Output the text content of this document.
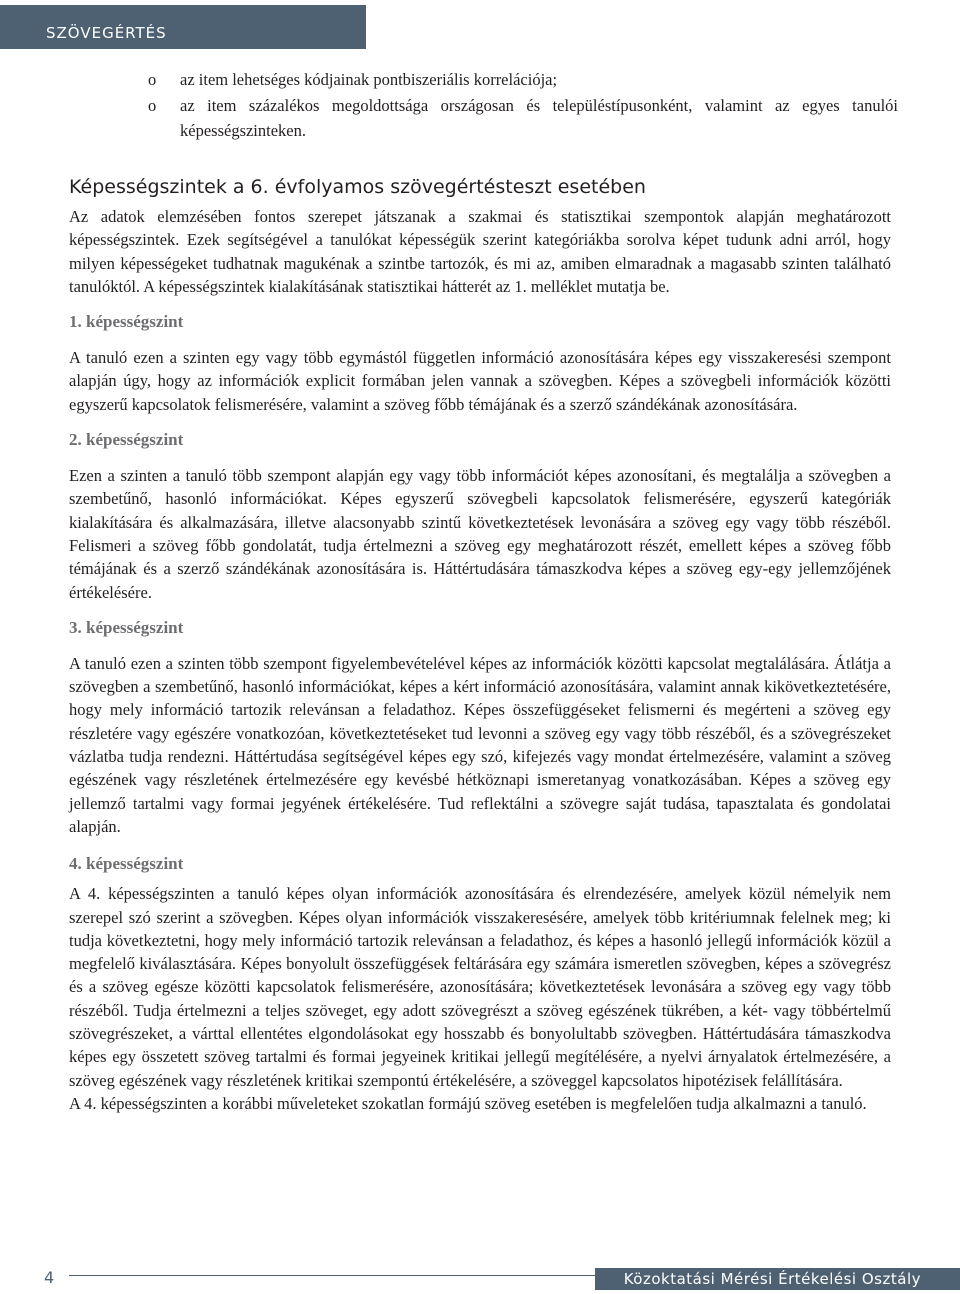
SZÖVEGÉRTÉS
o az item lehetséges kódjainak pontbiszeriális korrelációja;
o az item százalékos megoldottsága országosan és településtípusonként, valamint az egyes tanulói képességszinteken.
Képességszintek a 6. évfolyamos szövegértésteszt esetében

Az adatok elemzésében fontos szerepet játszanak a szakmai és statisztikai szempontok alapján meghatározott képességszintek. Ezek segítségével a tanulókat képességük szerint kategóriákba sorolva képet tudunk adni arról, hogy milyen képességeket tudhatnak magukénak a szintbe tartozók, és mi az, amiben elmaradnak a magasabb szinten található tanulóktól. A képességszintek kialakításának statisztikai hátterét az 1. melléklet mutatja be.

1. képességszint

A tanuló ezen a szinten egy vagy több egymástól független információ azonosítására képes egy visszakeresési szempont alapján úgy, hogy az információk explicit formában jelen vannak a szövegben. Képes a szövegbeli információk közötti egyszerű kapcsolatok felismerésére, valamint a szöveg főbb témájának és a szerző szándékának azonosítására.

2. képességszint

Ezen a szinten a tanuló több szempont alapján egy vagy több információt képes azonosítani, és megtalálja a szövegben a szembetűnő, hasonló információkat. Képes egyszerű szövegbeli kapcsolatok felismerésére, egyszerű kategóriák kialakítására és alkalmazására, illetve alacsonyabb szintű következtetések levonására a szöveg egy vagy több részéből. Felismeri a szöveg főbb gondolatát, tudja értelmezni a szöveg egy meghatározott részét, emellett képes a szöveg főbb témájának és a szerző szándékának azonosítására is. Háttértudására támaszkodva képes a szöveg egy-egy jellemzőjének értékelésére.

3. képességszint

A tanuló ezen a szinten több szempont figyelembevételével képes az információk közötti kapcsolat megtalálására. Átlátja a szövegben a szembetűnő, hasonló információkat, képes a kért információ azonosítására, valamint annak kikövetkeztetésére, hogy mely információ tartozik relevánsan a feladathoz. Képes összefüggéseket felismerni és megérteni a szöveg egy részletére vagy egészére vonatkozóan, következtetéseket tud levonni a szöveg egy vagy több részéből, és a szövegrészeket vázlatba tudja rendezni. Háttértudása segítségével képes egy szó, kifejezés vagy mondat értelmezésére, valamint a szöveg egészének vagy részletének értelmezésére egy kevésbé hétköznapi ismeretanyag vonatkozásában. Képes a szöveg egy jellemző tartalmi vagy formai jegyének értékelésére. Tud reflektálni a szövegre saját tudása, tapasztalata és gondolatai alapján.

4. képességszint

A 4. képességszinten a tanuló képes olyan információk azonosítására és elrendezésére, amelyek közül némelyik nem szerepel szó szerint a szövegben. Képes olyan információk visszakeresésére, amelyek több kritériumnak felelnek meg; ki tudja következtetni, hogy mely információ tartozik relevánsan a feladathoz, és képes a hasonló jellegű információk közül a megfelelő kiválasztására. Képes bonyolult összefüggések feltárására egy számára ismeretlen szövegben, képes a szövegrész és a szöveg egésze közötti kapcsolatok felismerésére, azonosítására; következtetések levonására a szöveg egy vagy több részéből. Tudja értelmezni a teljes szöveget, egy adott szövegrészt a szöveg egészének tükrében, a két- vagy többértelmű szövegrészeket, a várttal ellentétes elgondolásokat egy hosszabb és bonyolultabb szövegben. Háttértudására támaszkodva képes egy összetett szöveg tartalmi és formai jegyeinek kritikai jellegű megítélésére, a nyelvi árnyalatok értelmezésére, a szöveg egészének vagy részletének kritikai szempontú értékelésére, a szöveggel kapcsolatos hipotézisek felállítására.

A 4. képességszinten a korábbi műveleteket szokatlan formájú szöveg esetében is megfelelően tudja alkalmazni a tanuló.

4	Közoktatási Mérési Értékelési Osztály
